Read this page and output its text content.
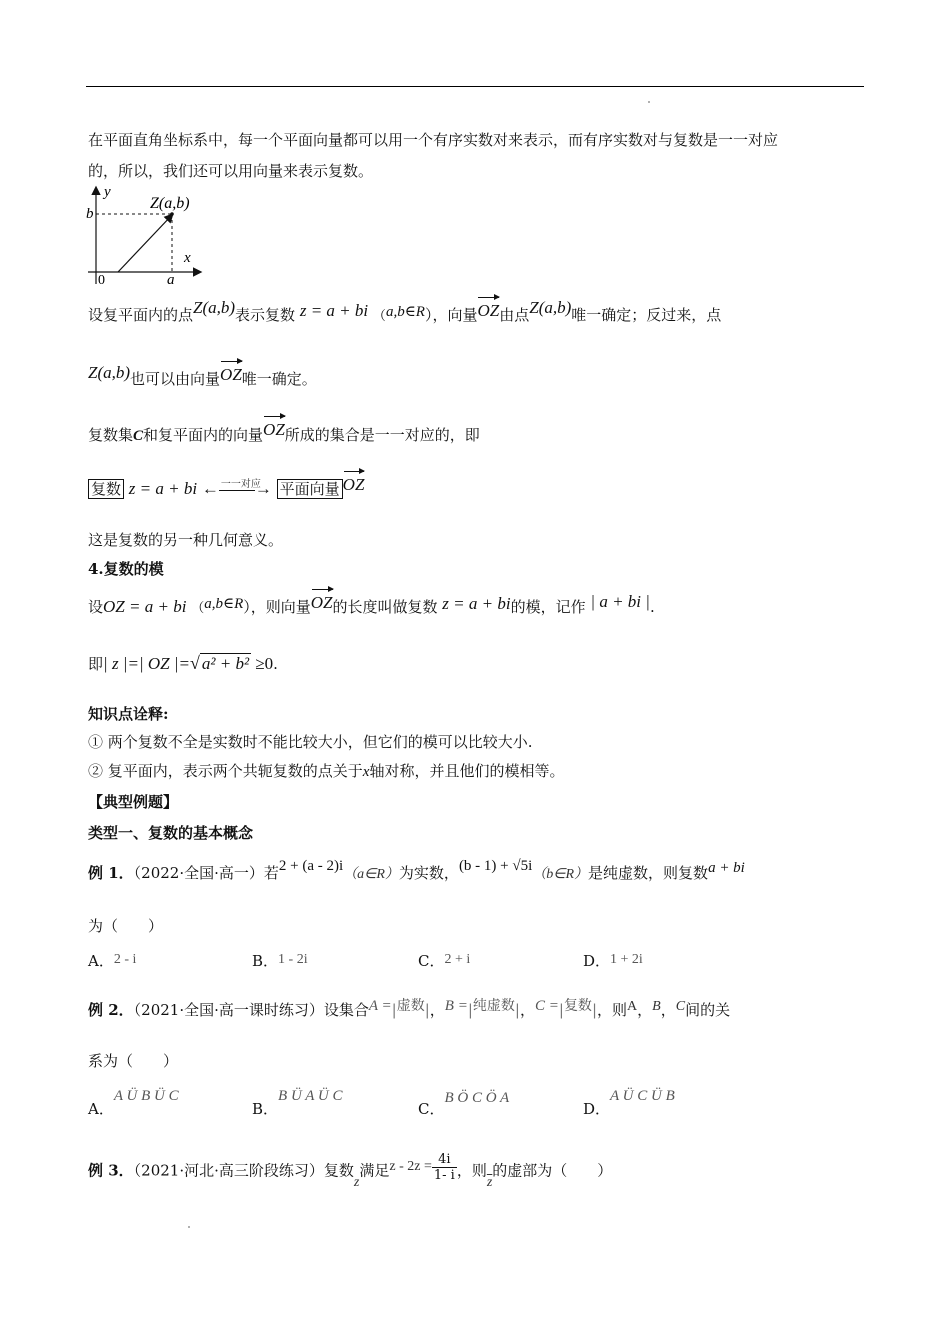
在平面直角坐标系中，每一个平面向量都可以用一个有序实数对来表示，而有序实数对与复数是一一对应
的，所以，我们还可以用向量来表示复数。
y
x
b
a
0
Z(a,b)
设复平面内的点Z(a,b)表示复数 z = a + bi （a,b∈R），向量OZ由点Z(a,b)唯一确定；反过来，点
Z(a,b)也可以由向量OZ唯一确定。
复数集C和复平面内的向量OZ所成的集合是一一对应的，即
复数 z = a + bi ← 一一对应
→ 平面向量 OZ
这是复数的另一种几何意义。
4.复数的模
设OZ = a + bi （a,b∈R），则向量OZ的长度叫做复数 z = a + bi的模，记作 | a + bi |.
即| z |=| OZ |=√ a² + b² ≥0.
知识点诠释:
① 两个复数不全是实数时不能比较大小，但它们的模可以比较大小.
② 复平面内，表示两个共轭复数的点关于x轴对称，并且他们的模相等。
【典型例题】
类型一、复数的基本概念
例 1．（2022·全国·高一）若2 + (a - 2)i（a∈R）为实数，(b - 1) + √5i（b∈R）是纯虚数，则复数a + bi
为（　　）
A．2 - i	B．1 - 2i	C．2 + i	D．1 + 2i
例 2．（2021·全国·高一课时练习）设集合A =|虚数|，B =|纯虚数|，C =|复数|，则A，B，C间的关
系为（　　）
A．A Ü B Ü C
B．B Ü A Ü C
C．B Ö C Ö A
D．A Ü C Ü B
例 3．（2021·河北·高三阶段练习）复数z满足$z - 2z = \frac{4i}{1- i}$ ，则$\overline{z}$的虚部为（　　）
